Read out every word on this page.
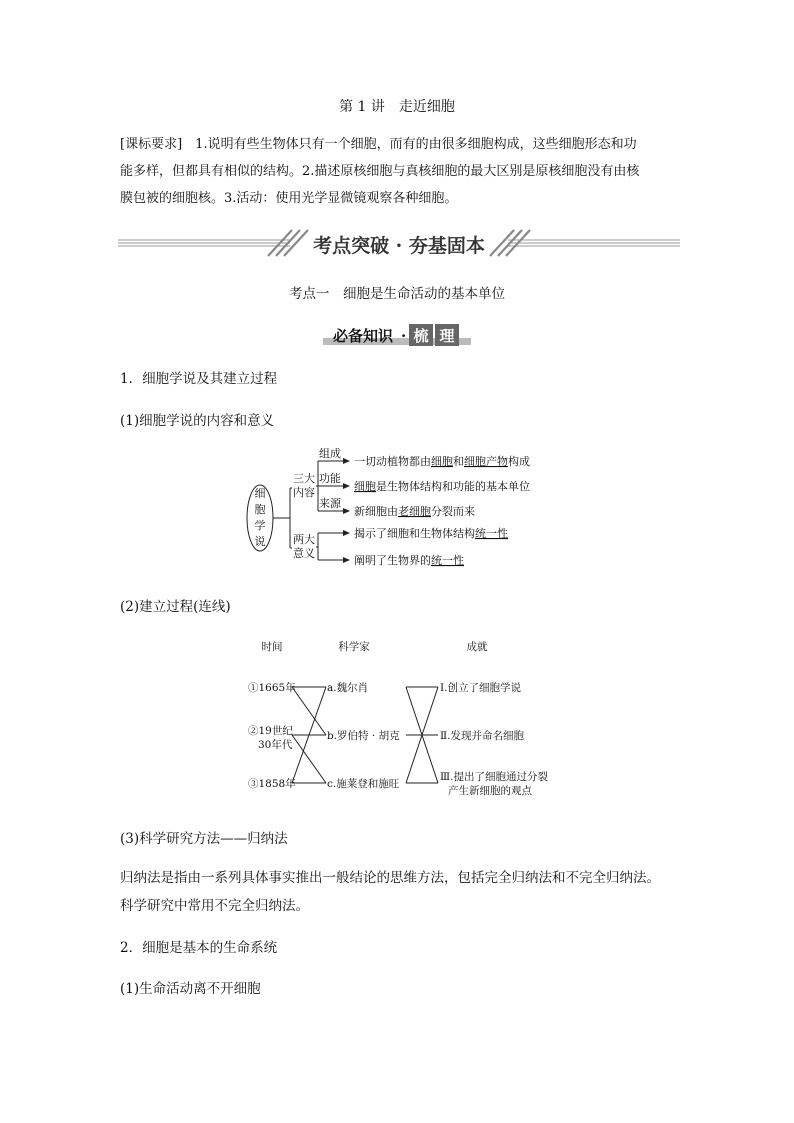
第 1 讲　走近细胞
[课标要求]　 1.说明有些生物体只有一个细胞，而有的由很多细胞构成，这些细胞形态和功
能多样，但都具有相似的结构。2.描述原核细胞与真核细胞的最大区别是原核细胞没有由核
膜包被的细胞核。3.活动：使用光学显微镜观察各种细胞。
考点突破 · 夯基固本
考点一　细胞是生命活动的基本单位
必备知识 · 梳 理
1．细胞学说及其建立过程
(1)细胞学说的内容和意义
细
胞
学
说
三大
内容
两大
意义
组成
功能
来源
一切动植物都由细胞和细胞产物构成
细胞是生物体结构和功能的基本单位
新细胞由老细胞分裂而来
揭示了细胞和生物体结构统一性
阐明了生物界的统一性
(2)建立过程(连线)
时间	科学家	成就
①1665年
②19世纪
30年代
③1858年
a.魏尔肖
b.罗伯特 · 胡克
c.施莱登和施旺
Ⅰ.创立了细胞学说
Ⅱ.发现并命名细胞
Ⅲ.提出了细胞通过分裂
产生新细胞的观点
(3)科学研究方法——归纳法
归纳法是指由一系列具体事实推出一般结论的思维方法，包括完全归纳法和不完全归纳法。
科学研究中常用不完全归纳法。
2．细胞是基本的生命系统
(1)生命活动离不开细胞
